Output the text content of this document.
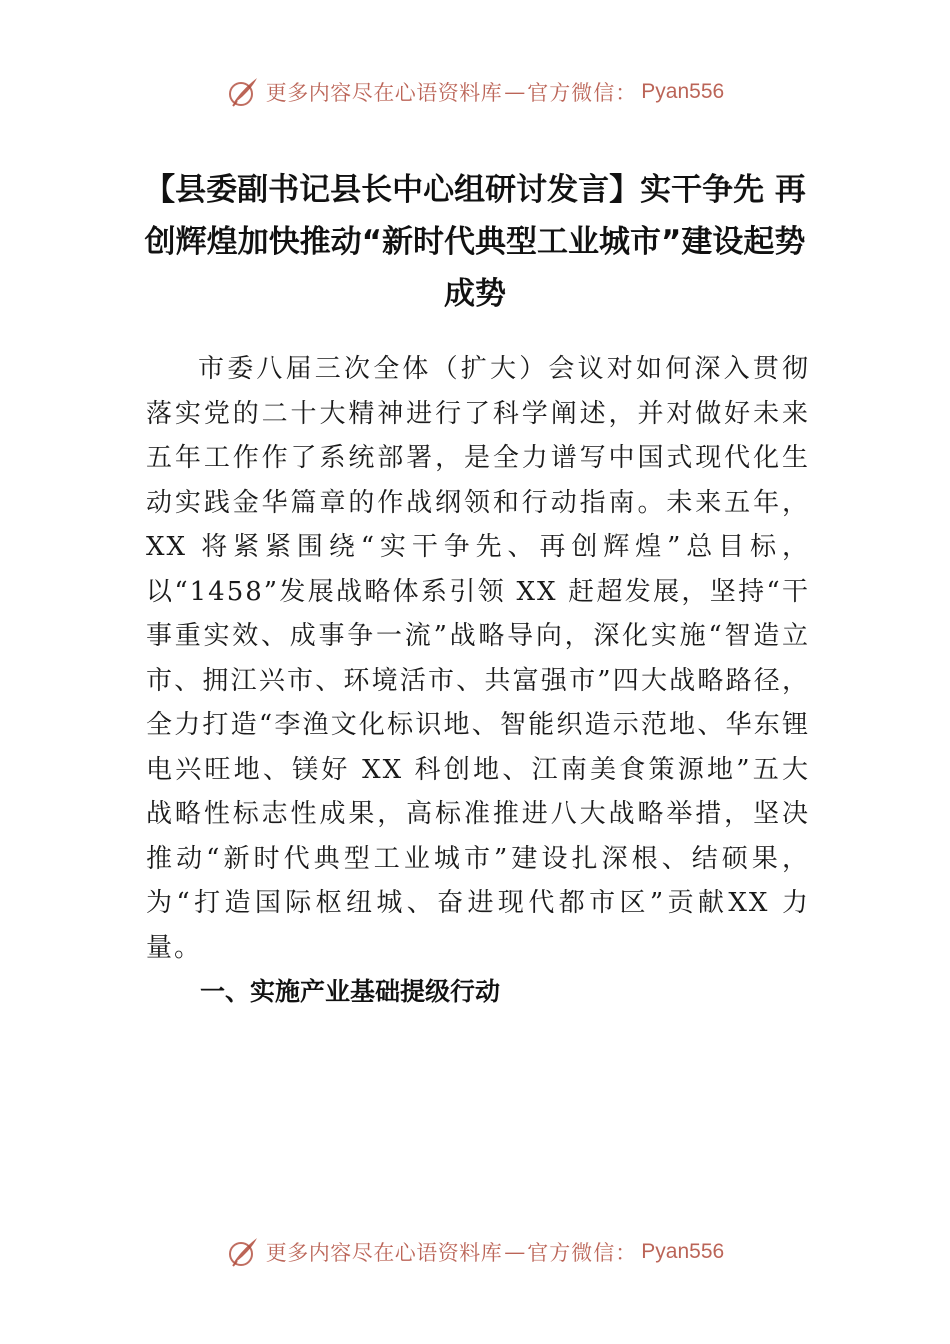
更多内容尽在心语资料库 — 官方微信： Pyan556
【县委副书记县长中心组研讨发言】实干争先 再创辉煌加快推动“新时代典型工业城市”建设起势成势

市委八届三次全体（扩大）会议对如何深入贯彻落实党的二十大精神进行了科学阐述，并对做好未来五年工作作了系统部署，是全力谱写中国式现代化生动实践金华篇章的作战纲领和行动指南。未来五年，XX 将紧紧围绕“实干争先、再创辉煌”总目标，以“1458”发展战略体系引领 XX 赶超发展，坚持“干事重实效、成事争一流”战略导向，深化实施“智造立市、拥江兴市、环境活市、共富强市”四大战略路径，全力打造“李渔文化标识地、智能织造示范地、华东锂电兴旺地、镁好 XX 科创地、江南美食策源地”五大战略性标志性成果，高标准推进八大战略举措，坚决推动“新时代典型工业城市”建设扎深根、结硕果，为“打造国际枢纽城、奋进现代都市区”贡献XX 力量。

一、实施产业基础提级行动
更多内容尽在心语资料库 — 官方微信： Pyan556
